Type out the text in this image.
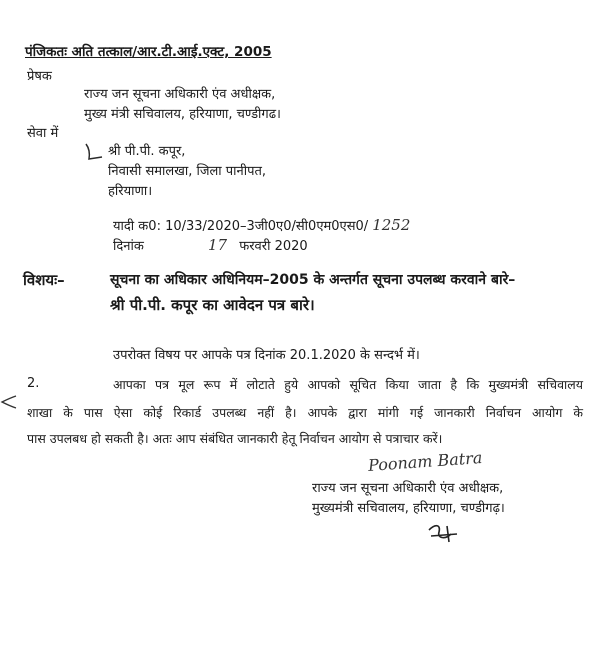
पंजिकतः अति तत्काल/आर.टी.आई.एक्ट, 2005
प्रेषक
राज्य जन सूचना अधिकारी एंव अधीक्षक,
मुख्य मंत्री सचिवालय, हरियाणा, चण्डीगढ।
सेवा में
श्री पी.पी. कपूर,
निवासी समालखा, जिला पानीपत,
हरियाणा।
यादी क0: 10/33/2020–3जी0ए0/सी0एम0एस0/ 1252
दिनांक	17 फरवरी 2020
विशयः–	सूचना का अधिकार अधिनियम–2005 के अन्तर्गत सूचना उपलब्ध करवाने बारे–
श्री पी.पी. कपूर का आवेदन पत्र बारे।
उपरोक्त विषय पर आपके पत्र दिनांक 20.1.2020 के सन्दर्भ में।
2.	आपका पत्र मूल रूप में लोटाते हुये आपको सूचित किया जाता है कि मुख्यमंत्री सचिवालय
शाखा के पास ऐसा कोई रिकार्ड उपलब्ध नहीं है। आपके द्वारा मांगी गई जानकारी निर्वाचन आयोग के
पास उपलबध हो सकती है। अतः आप संबंधित जानकारी हेतू निर्वाचन आयोग से पत्राचार करें।
Poonam Batra
राज्य जन सूचना अधिकारी एंव अधीक्षक,
मुख्यमंत्री सचिवालय, हरियाणा, चण्डीगढ़।
